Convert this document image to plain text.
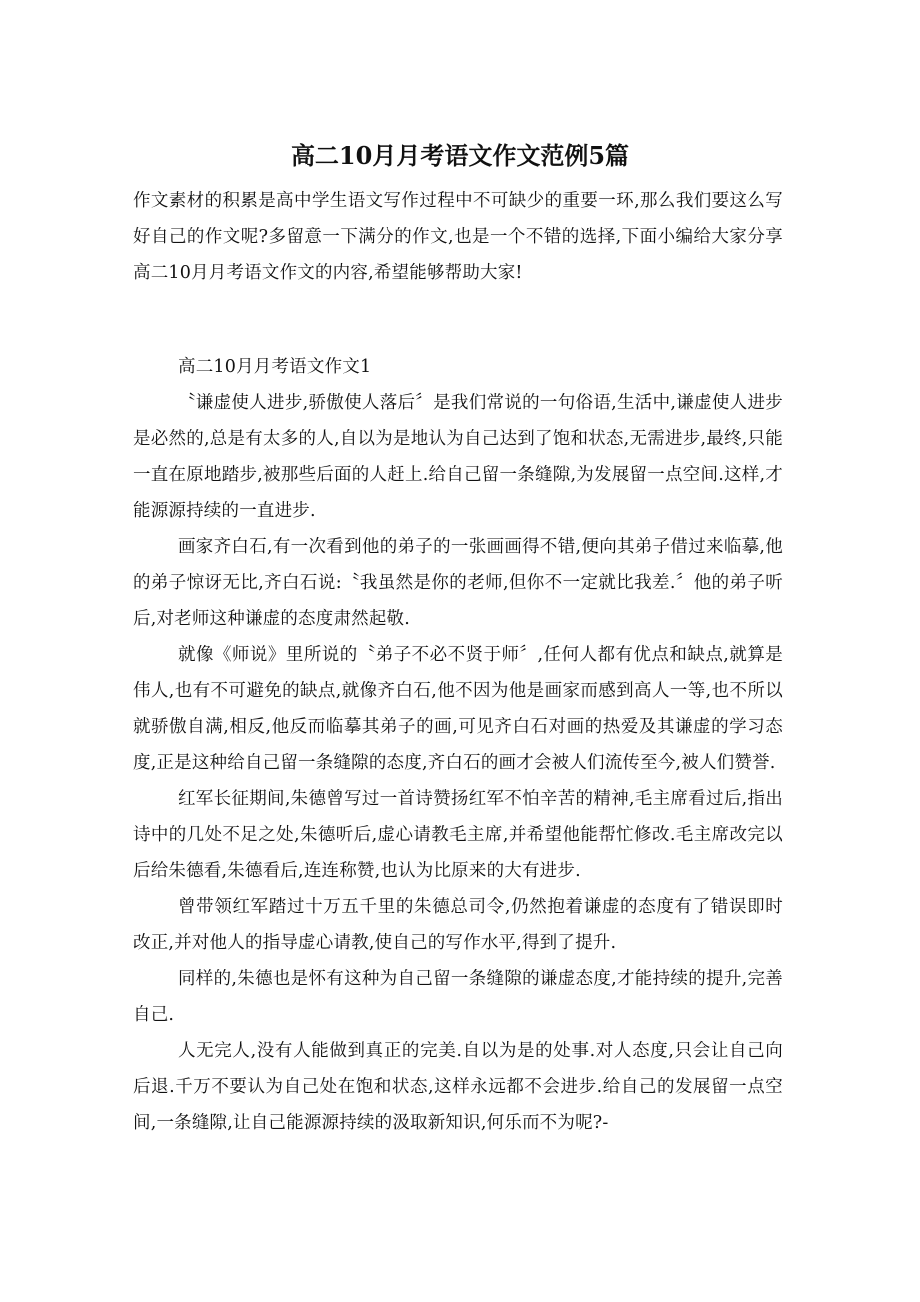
高二10月月考语文作文范例5篇

作文素材的积累是高中学生语文写作过程中不可缺少的重要一环,那么我们要这么写好自己的作文呢?多留意一下满分的作文,也是一个不错的选择,下面小编给大家分享高二10月月考语文作文的内容,希望能够帮助大家!

高二10月月考语文作文1

〝谦虚使人进步,骄傲使人落后〞是我们常说的一句俗语,生活中,谦虚使人进步是必然的,总是有太多的人,自以为是地认为自己达到了饱和状态,无需进步,最终,只能一直在原地踏步,被那些后面的人赶上.给自己留一条缝隙,为发展留一点空间.这样,才能源源持续的一直进步.

画家齐白石,有一次看到他的弟子的一张画画得不错,便向其弟子借过来临摹,他的弟子惊讶无比,齐白石说:〝我虽然是你的老师,但你不一定就比我差.〞他的弟子听后,对老师这种谦虚的态度肃然起敬.

就像《师说》里所说的〝弟子不必不贤于师〞,任何人都有优点和缺点,就算是伟人,也有不可避免的缺点,就像齐白石,他不因为他是画家而感到高人一等,也不所以就骄傲自满,相反,他反而临摹其弟子的画,可见齐白石对画的热爱及其谦虚的学习态度,正是这种给自己留一条缝隙的态度,齐白石的画才会被人们流传至今,被人们赞誉.

红军长征期间,朱德曾写过一首诗赞扬红军不怕辛苦的精神,毛主席看过后,指出诗中的几处不足之处,朱德听后,虚心请教毛主席,并希望他能帮忙修改.毛主席改完以后给朱德看,朱德看后,连连称赞,也认为比原来的大有进步.

曾带领红军踏过十万五千里的朱德总司令,仍然抱着谦虚的态度有了错误即时改正,并对他人的指导虚心请教,使自己的写作水平,得到了提升.

同样的,朱德也是怀有这种为自己留一条缝隙的谦虚态度,才能持续的提升,完善自己.

人无完人,没有人能做到真正的完美.自以为是的处事.对人态度,只会让自己向后退.千万不要认为自己处在饱和状态,这样永远都不会进步.给自己的发展留一点空间,一条缝隙,让自己能源源持续的汲取新知识,何乐而不为呢?-
